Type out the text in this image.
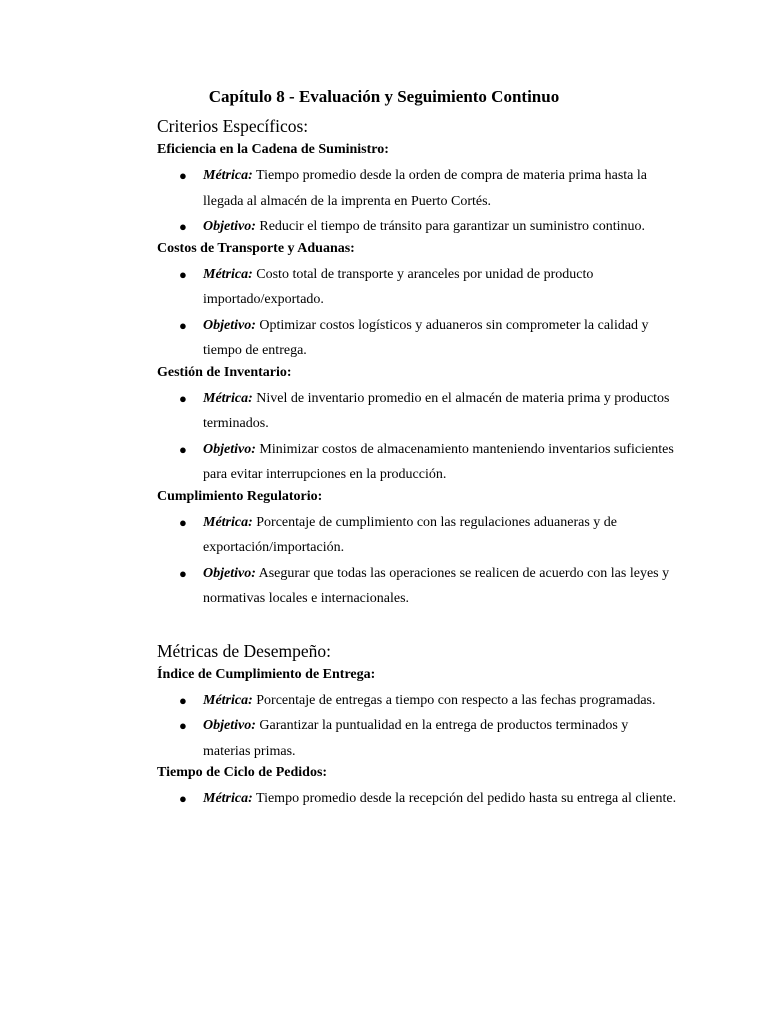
Capítulo 8 - Evaluación y Seguimiento Continuo
Criterios Específicos:
Eficiencia en la Cadena de Suministro:
● Métrica: Tiempo promedio desde la orden de compra de materia prima hasta la llegada al almacén de la imprenta en Puerto Cortés.
● Objetivo: Reducir el tiempo de tránsito para garantizar un suministro continuo.
Costos de Transporte y Aduanas:
● Métrica: Costo total de transporte y aranceles por unidad de producto importado/exportado.
● Objetivo: Optimizar costos logísticos y aduaneros sin comprometer la calidad y tiempo de entrega.
Gestión de Inventario:
● Métrica: Nivel de inventario promedio en el almacén de materia prima y productos terminados.
● Objetivo: Minimizar costos de almacenamiento manteniendo inventarios suficientes para evitar interrupciones en la producción.
Cumplimiento Regulatorio:
● Métrica: Porcentaje de cumplimiento con las regulaciones aduaneras y de exportación/importación.
● Objetivo: Asegurar que todas las operaciones se realicen de acuerdo con las leyes y normativas locales e internacionales.
Métricas de Desempeño:
Índice de Cumplimiento de Entrega:
● Métrica: Porcentaje de entregas a tiempo con respecto a las fechas programadas.
● Objetivo: Garantizar la puntualidad en la entrega de productos terminados y materias primas.
Tiempo de Ciclo de Pedidos:
● Métrica: Tiempo promedio desde la recepción del pedido hasta su entrega al cliente.
